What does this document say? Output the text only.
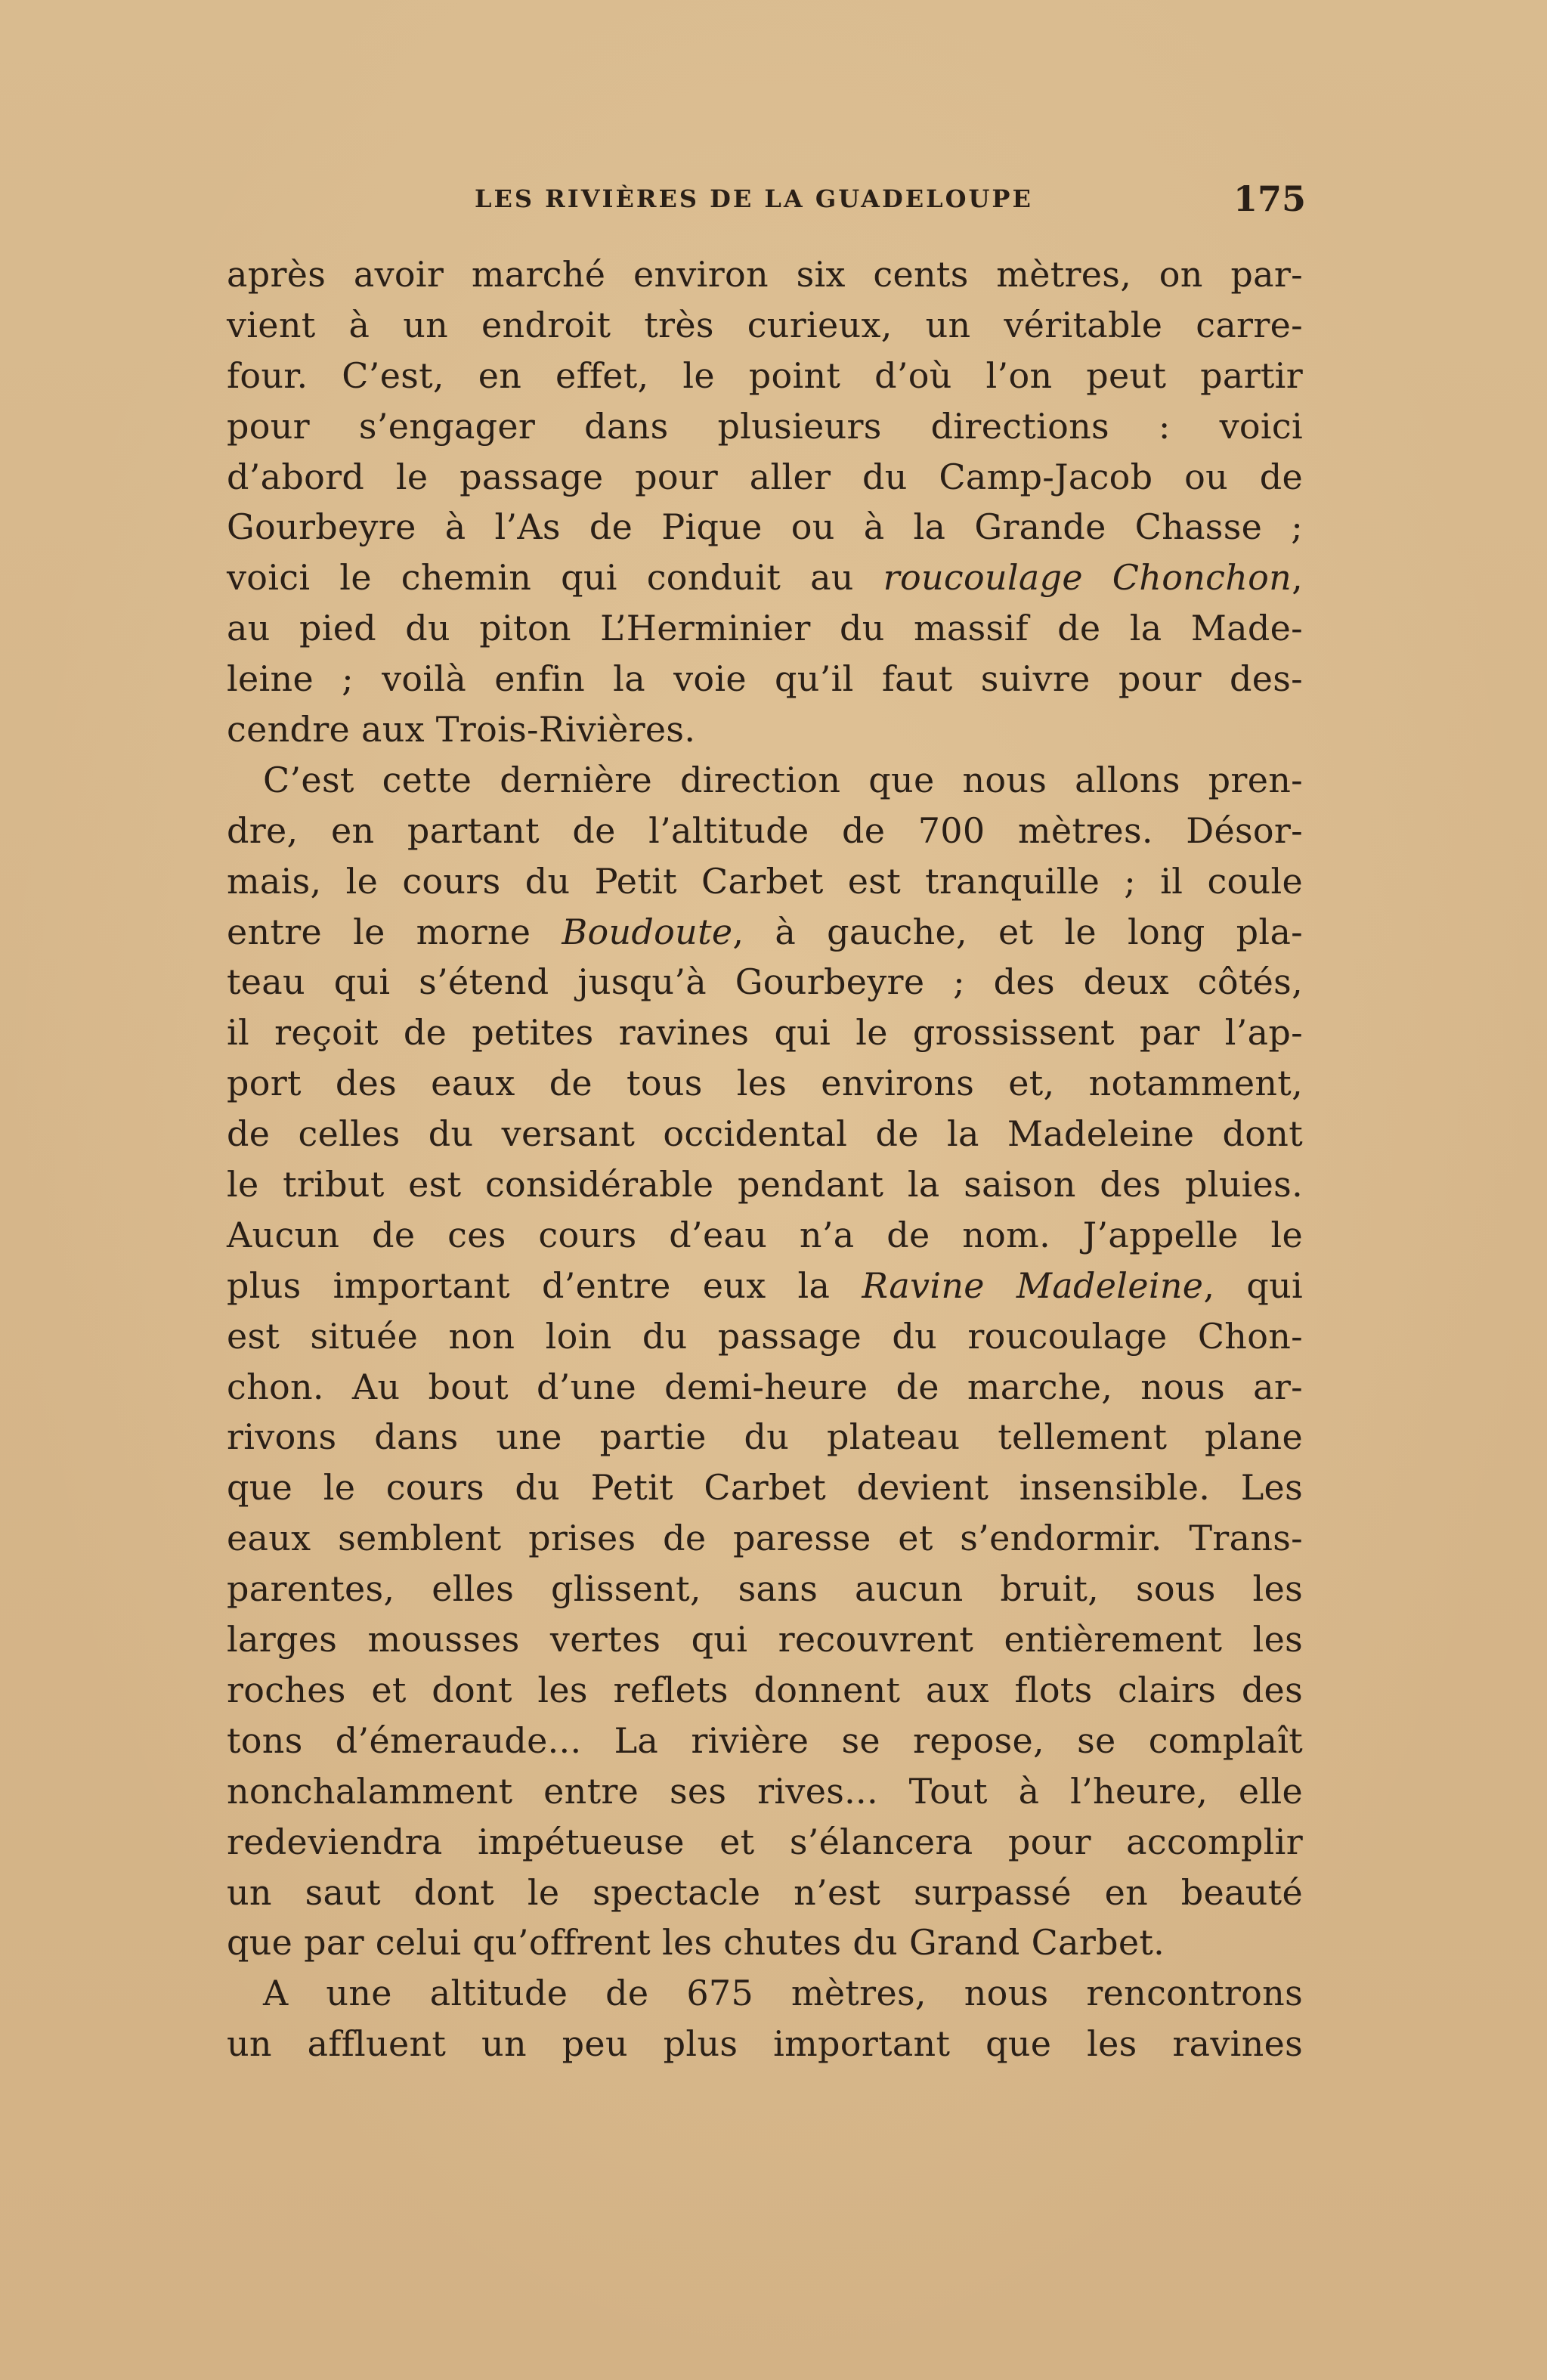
LES RIVIÈRES DE LA GUADELOUPE	175
après avoir marché environ six cents mètres, on par-
vient à un endroit très curieux, un véritable carre-
four. C’est, en effet, le point d’où l’on peut partir
pour s’engager dans plusieurs directions : voici
d’abord le passage pour aller du Camp-Jacob ou de
Gourbeyre à l’As de Pique ou à la Grande Chasse ;
voici le chemin qui conduit au roucoulage Chonchon,
au pied du piton L’Herminier du massif de la Made-
leine ; voilà enfin la voie qu’il faut suivre pour des-
cendre aux Trois-Rivières.
C’est cette dernière direction que nous allons pren-
dre, en partant de l’altitude de 700 mètres. Désor-
mais, le cours du Petit Carbet est tranquille ; il coule
entre le morne Boudoute, à gauche, et le long pla-
teau qui s’étend jusqu’à Gourbeyre ; des deux côtés,
il reçoit de petites ravines qui le grossissent par l’ap-
port des eaux de tous les environs et, notamment,
de celles du versant occidental de la Madeleine dont
le tribut est considérable pendant la saison des pluies.
Aucun de ces cours d’eau n’a de nom. J’appelle le
plus important d’entre eux la Ravine Madeleine, qui
est située non loin du passage du roucoulage Chon-
chon. Au bout d’une demi-heure de marche, nous ar-
rivons dans une partie du plateau tellement plane
que le cours du Petit Carbet devient insensible. Les
eaux semblent prises de paresse et s’endormir. Trans-
parentes, elles glissent, sans aucun bruit, sous les
larges mousses vertes qui recouvrent entièrement les
roches et dont les reflets donnent aux flots clairs des
tons d’émeraude... La rivière se repose, se complaît
nonchalamment entre ses rives... Tout à l’heure, elle
redeviendra impétueuse et s’élancera pour accomplir
un saut dont le spectacle n’est surpassé en beauté
que par celui qu’offrent les chutes du Grand Carbet.
A une altitude de 675 mètres, nous rencontrons
un affluent un peu plus important que les ravines
